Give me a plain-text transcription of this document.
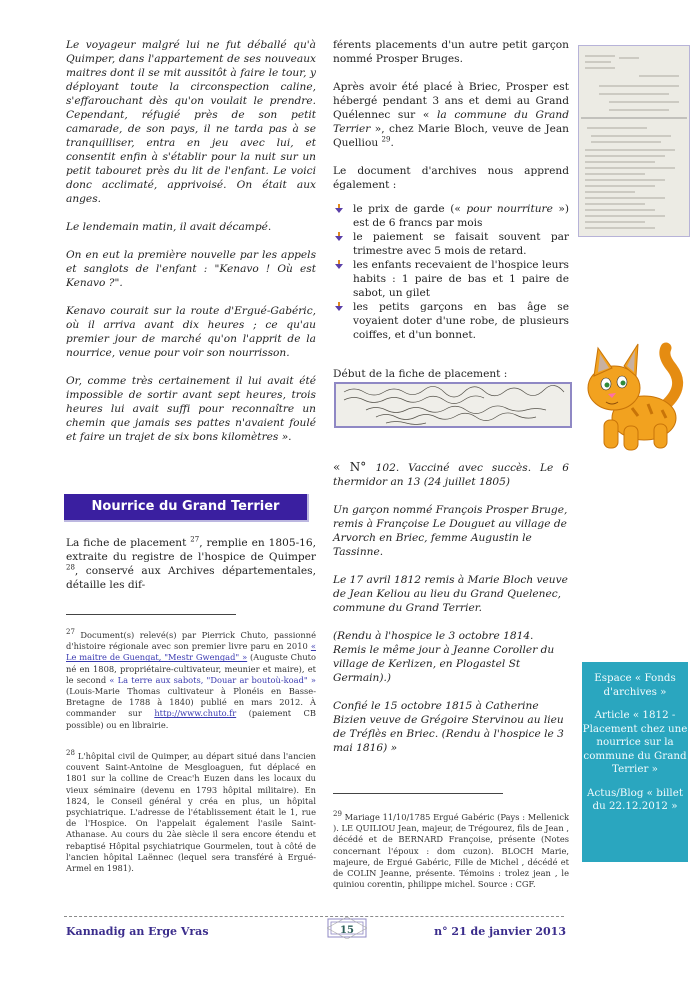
Le voyageur malgré lui ne fut déballé qu'à Quimper, dans l'appartement de ses nouveaux maitres dont il se mit aussitôt à faire le tour, y déployant toute la circonspection caline, s'effarouchant dès qu'on voulait le prendre. Cependant, réfugié près de son petit camarade, de son pays, il ne tarda pas à se tranquilliser, entra en jeu avec lui, et consentit enfin à s'établir pour la nuit sur un petit tabouret près du lit de l'enfant. Le voici donc acclimaté, apprivoisé. On était aux anges.

Le lendemain matin, il avait décampé.

On en eut la première nouvelle par les appels et sanglots de l'enfant : "Kenavo ! Où est Kenavo ?".

Kenavo courait sur la route d'Ergué-Gabéric, où il arriva avant dix heures ; ce qu'au premier jour de marché qu'on l'apprit de la nourrice, venue pour voir son nourrisson.

Or, comme très certainement il lui avait été impossible de sortir avant sept heures, trois heures lui avait suffi pour reconnaître un chemin que jamais ses pattes n'avaient foulé et faire un trajet de six bons kilomètres ».

Nourrice du Grand Terrier

La fiche de placement $^{27}$, remplie en 1805-16, extraite du registre de l'hospice de Quimper $^{28}$, conservé aux Archives départementales, détaille les dif-

$^{27}$ Document(s) relevé(s) par Pierrick Chuto, passionné d'histoire régionale avec son premier livre paru en 2010 « Le maitre de Guengat, "Mestr Gwengad" » (Auguste Chuto né en 1808, propriétaire-cultivateur, meunier et maire), et le second « La terre aux sabots, "Douar ar boutoù-koad" » (Louis-Marie Thomas cultivateur à Plonéis en Basse-Bretagne de 1788 à 1840) publié en mars 2012. À commander sur http://www.chuto.fr (paiement CB possible) ou en librairie.
$^{28}$ L'hôpital civil de Quimper, au départ situé dans l'ancien couvent Saint-Antoine de Mesgloaguen, fut déplacé en 1801 sur la colline de Creac'h Euzen dans les locaux du vieux séminaire (devenu en 1793 hôpital militaire). En 1824, le Conseil général y créa en plus, un hôpital psychiatrique. L'adresse de l'établissement était le 1, rue de l'Hospice. On l'appelait également l'asile Saint-Athanase. Au cours du 2àe siècle il sera encore étendu et rebaptisé Hôpital psychiatrique Gourmelen, tout à côté de l'ancien hôpital Laënnec (lequel sera transféré à Ergué-Armel en 1981).

férents placements d'un autre petit garçon nommé Prosper Bruges.

Après avoir été placé à Briec, Prosper est hébergé pendant 3 ans et demi au Grand Quélennec sur « la commune du Grand Terrier », chez Marie Bloch, veuve de Jean Quelliou $^{29}$.

Le document d'archives nous apprend également :

le prix de garde (« pour nourriture ») est de 6 francs par mois
le paiement se faisait souvent par trimestre avec 5 mois de retard.
les enfants recevaient de l'hospice leurs habits : 1 paire de bas et 1 paire de sabot, un gilet
les petits garçons en bas âge se voyaient doter d'une robe, de plusieurs coiffes, et d'un bonnet.
Début de la fiche de placement :

« N° 102. Vacciné avec succès. Le 6 thermidor an 13 (24 juillet 1805)

Un garçon nommé François Prosper Bruge, remis à Françoise Le Douguet au village de Arvorch en Briec, femme Augustin le Tassinne.

Le 17 avril 1812 remis à Marie Bloch veuve de Jean Keliou au lieu du Grand Quelenec, commune du Grand Terrier.

(Rendu à l'hospice le 3 octobre 1814. Remis le même jour à Jeanne Coroller du village de Kerlizen, en Plogastel St Germain).)

Confié le 15 octobre 1815 à Catherine Bizien veuve de Grégoire Stervinou au lieu de Tréflès en Briec. (Rendu à l'hospice le 3 mai 1816) »

$^{29}$ Mariage 11/10/1785 Ergué Gabéric (Pays : Mellenick ). LE QUILIOU Jean, majeur, de Trégourez, fils de Jean , décédé et de BERNARD Françoise, présente (Notes concernant l'époux : dom cuzon). BLOCH Marie, majeure, de Ergué Gabéric, Fille de Michel , décédé et de COLIN Jeanne, présente. Témoins : trolez jean , le quiniou corentin, philippe michel. Source : CGF.

Espace « Fonds d'archives »

Article « 1812 - Placement chez une nourrice sur la commune du Grand Terrier »

Actus/Blog « billet du 22.12.2012 »

Kannadig an Erge Vras	15	n° 21 de janvier 2013
